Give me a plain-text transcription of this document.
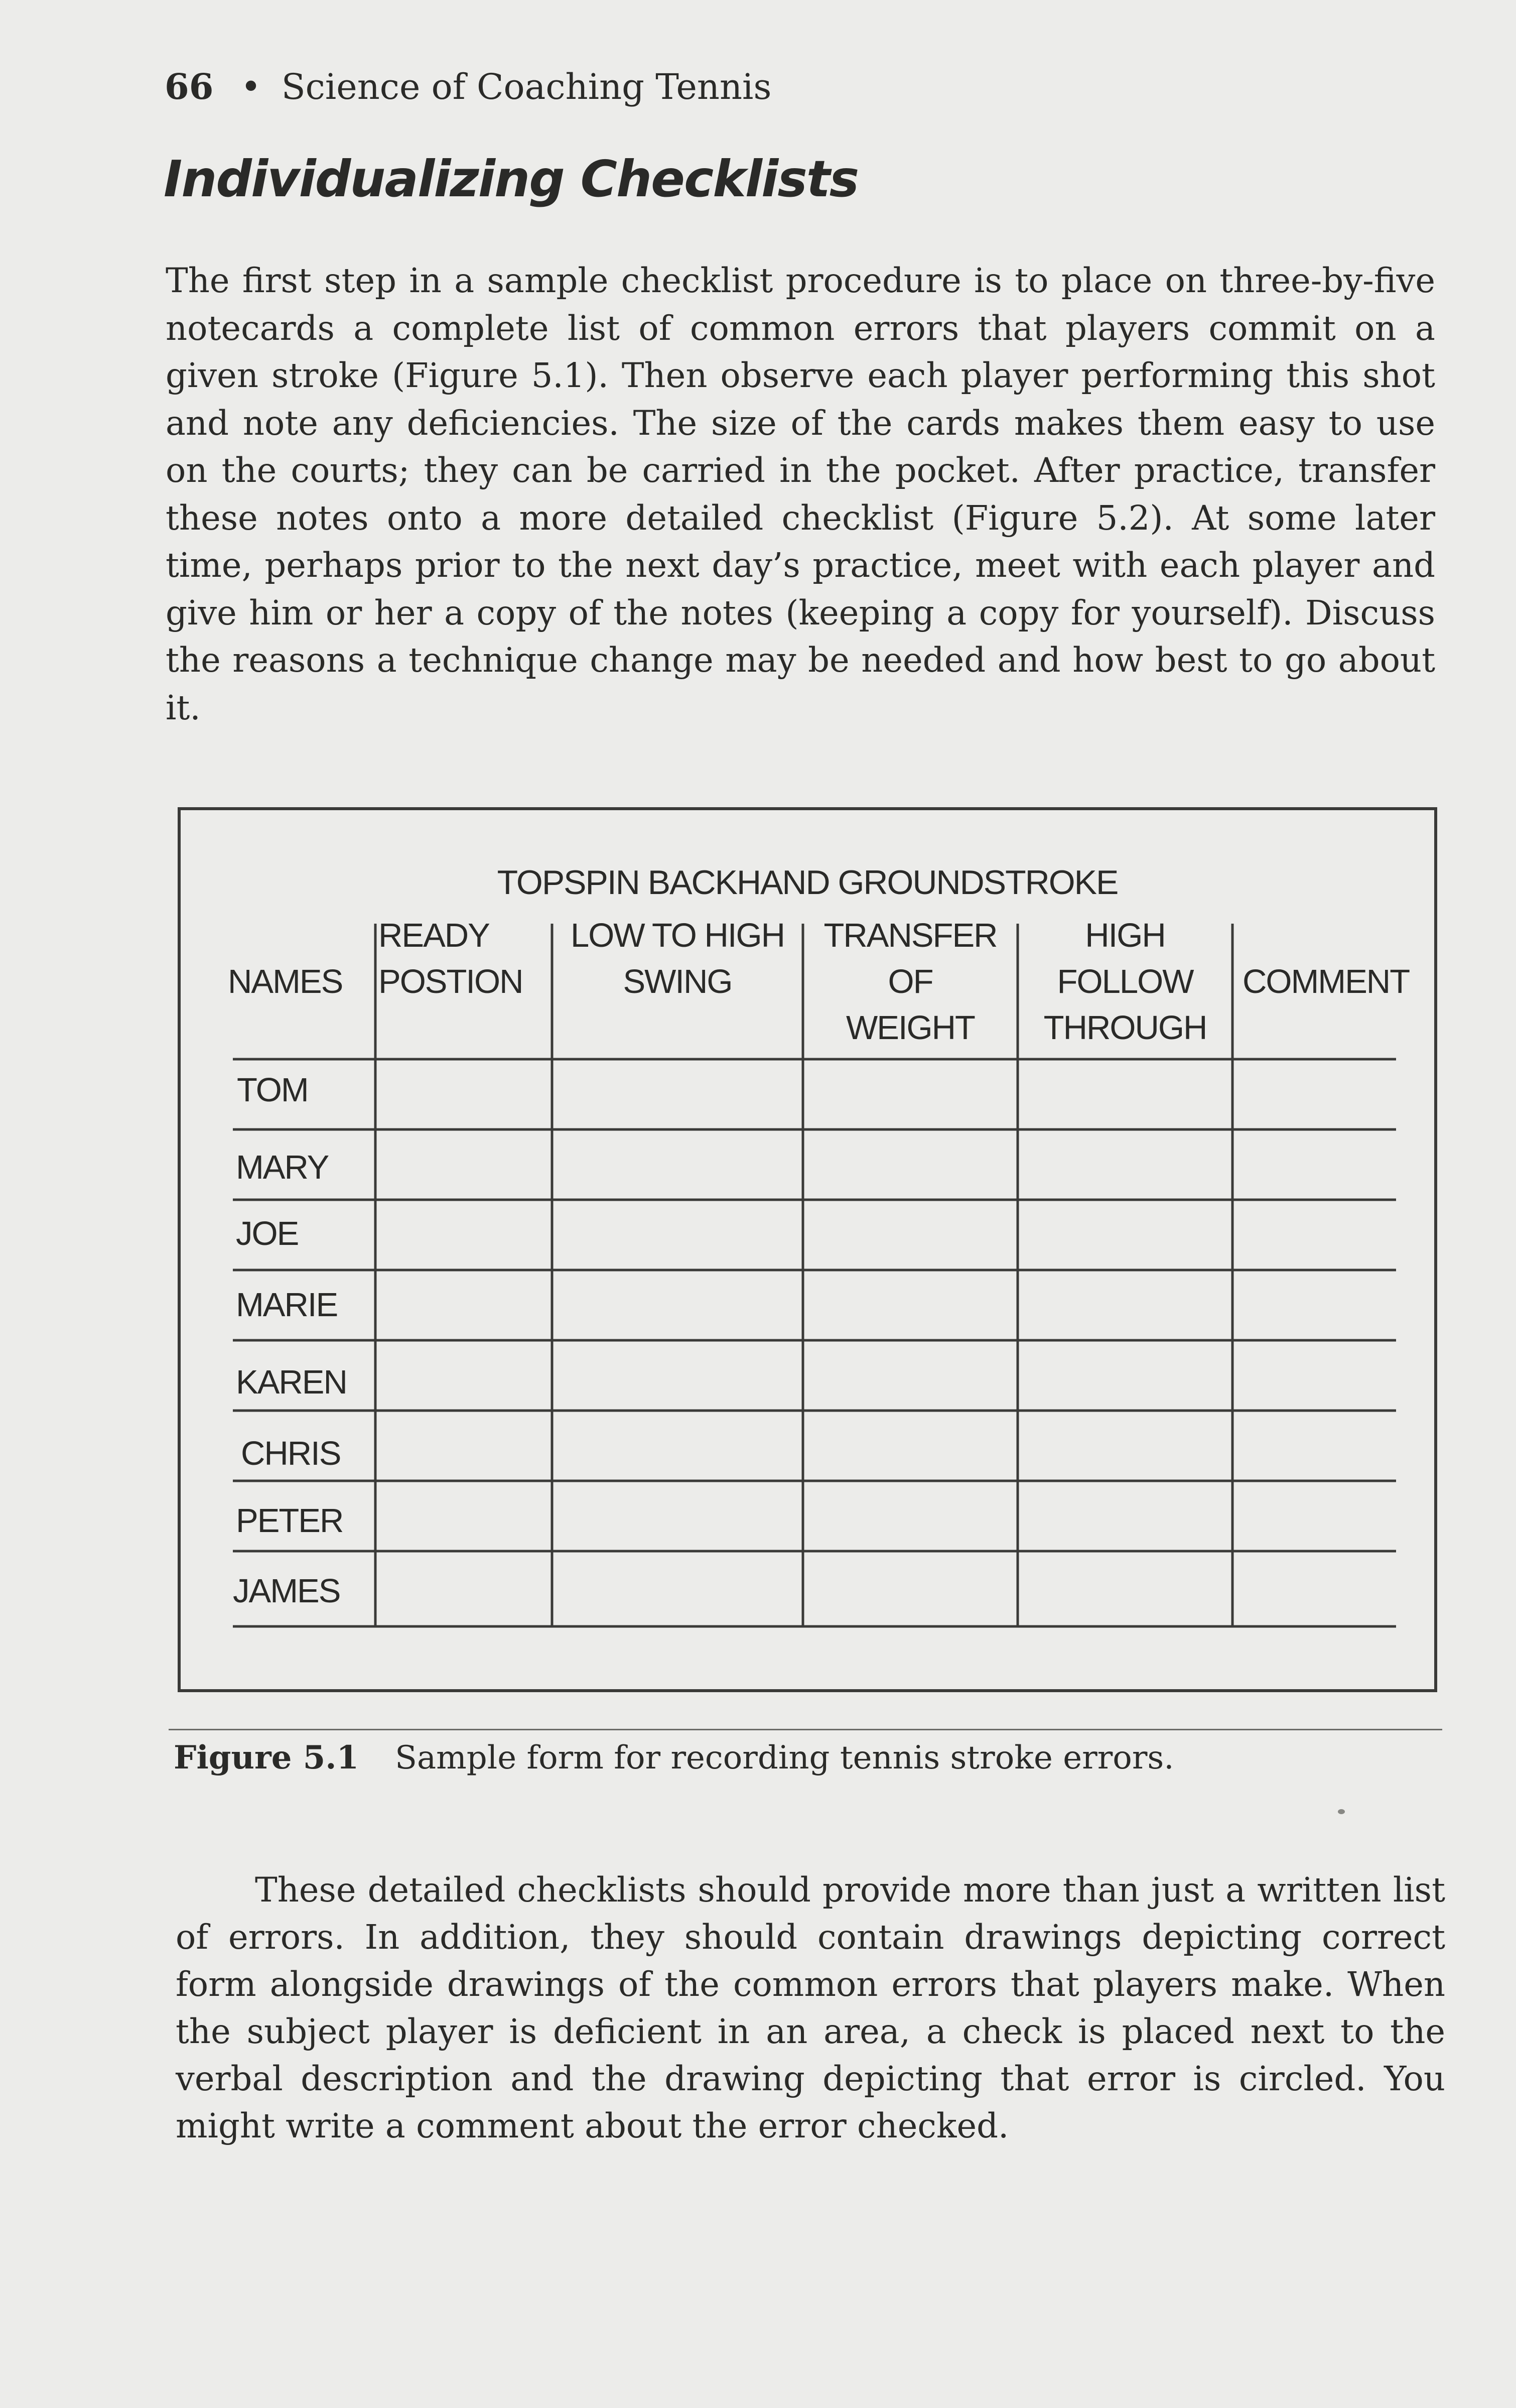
66 • Science of Coaching Tennis
Individualizing Checklists

The first step in a sample checklist procedure is to place on three-by-five notecards a complete list of common errors that players commit on a given stroke (Figure 5.1). Then observe each player performing this shot and note any deficiencies. The size of the cards makes them easy to use on the courts; they can be carried in the pocket. After practice, transfer these notes onto a more detailed checklist (Figure 5.2). At some later time, perhaps prior to the next day’s practice, meet with each player and give him or her a copy of the notes (keeping a copy for yourself). Discuss the reasons a technique change may be needed and how best to go about it.

TOPSPIN BACKHAND GROUNDSTROKE
NAMES
READY
POSTION
LOW TO HIGH
SWING
TRANSFER
OF
WEIGHT
HIGH
FOLLOW
THROUGH
COMMENT
TOM
MARY
JOE
MARIE
KAREN
CHRIS
PETER
JAMES

Figure 5.1 Sample form for recording tennis stroke errors.

These detailed checklists should provide more than just a written list of errors. In addition, they should contain drawings depicting correct form alongside drawings of the common errors that players make. When the subject player is deficient in an area, a check is placed next to the verbal description and the drawing depicting that error is circled. You might write a comment about the error checked.
